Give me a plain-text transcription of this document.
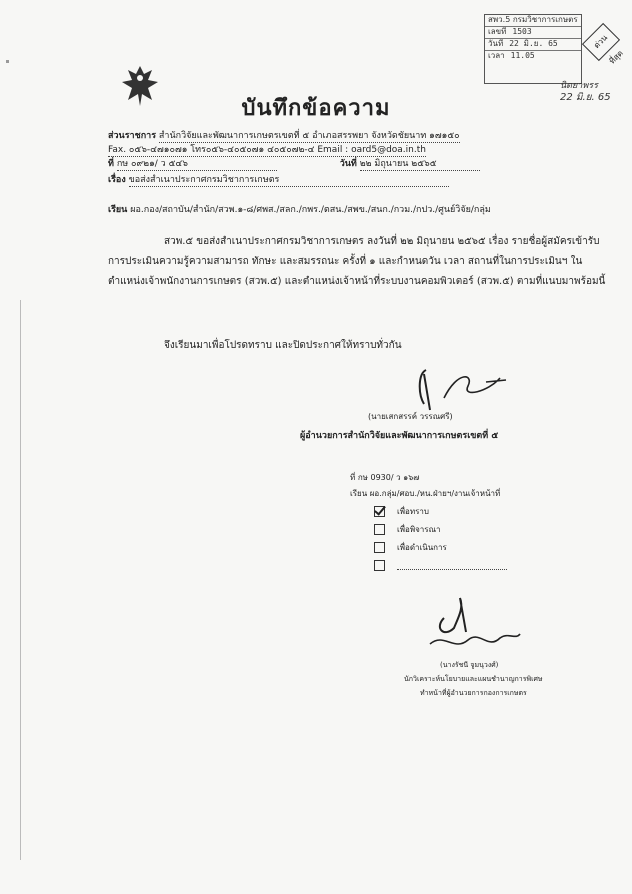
สพว.5 กรมวิชาการเกษตร
เลขที่ 1503
วันที่ 22 มิ.ย. 65
เวลา 11.05
ด่วนที่สุด
นิตยาพรร
22 มิ.ย. 65
บันทึกข้อความ
ส่วนราชการ สำนักวิจัยและพัฒนาการเกษตรเขตที่ ๕ อำเภอสรรพยา จังหวัดชัยนาท ๑๗๑๕๐
Fax. ๐๕๖-๔๗๑๐๗๑ โทร๐๕๖-๔๐๕๐๗๑ ๔๐๕๐๗๒-๔ Email : oard5@doa.in.th
ที่ กษ ๐๙๒๑/ ว ๕๔๖	วันที่ ๒๒ มิถุนายน ๒๕๖๕
เรื่อง ขอส่งสำเนาประกาศกรมวิชาการเกษตร
เรียน ผอ.กอง/สถาบัน/สำนัก/สวพ.๑-๘/ศพส./สลก./กพร./ตสน./สพข./สนก./กวม./กปว./ศูนย์วิจัย/กลุ่ม
สวพ.๕ ขอส่งสำเนาประกาศกรมวิชาการเกษตร ลงวันที่ ๒๒ มิถุนายน ๒๕๖๕ เรื่อง รายชื่อผู้สมัครเข้ารับการประเมินความรู้ความสามารถ ทักษะ และสมรรถนะ ครั้งที่ ๑ และกำหนดวัน เวลา สถานที่ในการประเมินฯ ในตำแหน่งเจ้าพนักงานการเกษตร (สวพ.๕) และตำแหน่งเจ้าหน้าที่ระบบงานคอมพิวเตอร์ (สวพ.๕) ตามที่แนบมาพร้อมนี้
จึงเรียนมาเพื่อโปรดทราบ และปิดประกาศให้ทราบทั่วกัน
(นายเสกสรรค์ วรรณศรี)
ผู้อำนวยการสำนักวิจัยและพัฒนาการเกษตรเขตที่ ๕
ที่ กษ 0930/ ว ๑๖๗
เรียน ผอ.กลุ่ม/ศอบ./หน.ฝ่ายฯ/งานเจ้าหน้าที่
เพื่อทราบ
เพื่อพิจารณา
เพื่อดำเนินการ
(นางรัชนี จูมนุวงศ์)
นักวิเคราะห์นโยบายและแผนชำนาญการพิเศษ
ทำหน้าที่ผู้อำนวยการกองการเกษตร
